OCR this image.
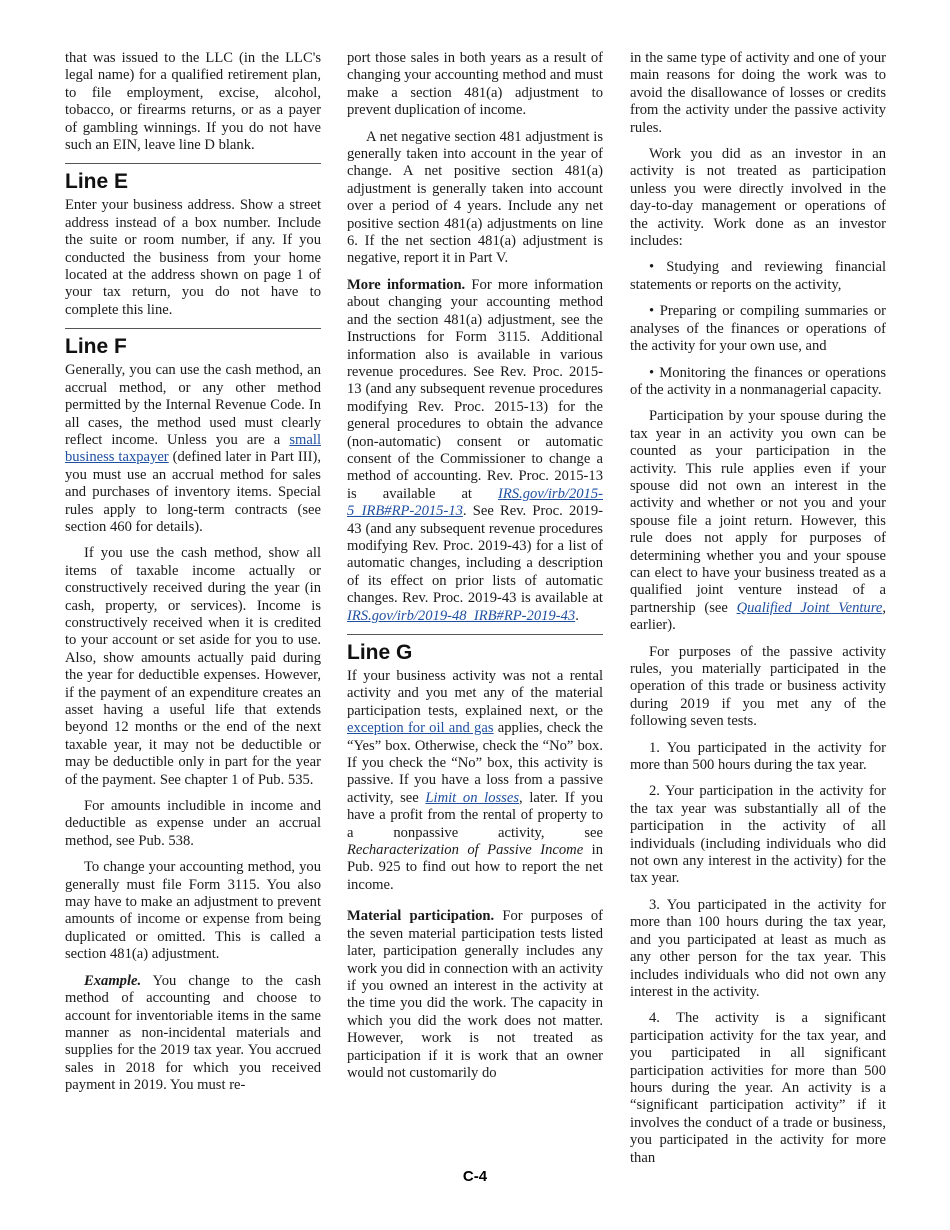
that was issued to the LLC (in the LLC's legal name) for a qualified retirement plan, to file employment, excise, alcohol, tobacco, or firearms returns, or as a payer of gambling winnings. If you do not have such an EIN, leave line D blank.

Line E

Enter your business address. Show a street address instead of a box number. Include the suite or room number, if any. If you conducted the business from your home located at the address shown on page 1 of your tax return, you do not have to complete this line.

Line F

Generally, you can use the cash method, an accrual method, or any other method permitted by the Internal Revenue Code. In all cases, the method used must clearly reflect income. Unless you are a small business taxpayer (defined later in Part III), you must use an accrual method for sales and purchases of inventory items. Special rules apply to long-term contracts (see section 460 for details).

If you use the cash method, show all items of taxable income actually or constructively received during the year (in cash, property, or services). Income is constructively received when it is credited to your account or set aside for you to use. Also, show amounts actually paid during the year for deductible expenses. However, if the payment of an expenditure creates an asset having a useful life that extends beyond 12 months or the end of the next taxable year, it may not be deductible or may be deductible only in part for the year of the payment. See chapter 1 of Pub. 535.

For amounts includible in income and deductible as expense under an accrual method, see Pub. 538.

To change your accounting method, you generally must file Form 3115. You also may have to make an adjustment to prevent amounts of income or expense from being duplicated or omitted. This is called a section 481(a) adjustment.

Example. You change to the cash method of accounting and choose to account for inventoriable items in the same manner as non-incidental materials and supplies for the 2019 tax year. You accrued sales in 2018 for which you received payment in 2019. You must re-

port those sales in both years as a result of changing your accounting method and must make a section 481(a) adjustment to prevent duplication of income.

A net negative section 481 adjustment is generally taken into account in the year of change. A net positive section 481(a) adjustment is generally taken into account over a period of 4 years. Include any net positive section 481(a) adjustments on line 6. If the net section 481(a) adjustment is negative, report it in Part V.

More information. For more information about changing your accounting method and the section 481(a) adjustment, see the Instructions for Form 3115. Additional information also is available in various revenue procedures. See Rev. Proc. 2015-13 (and any subsequent revenue procedures modifying Rev. Proc. 2015-13) for the general procedures to obtain the advance (non-automatic) consent or automatic consent of the Commissioner to change a method of accounting. Rev. Proc. 2015-13 is available at IRS.gov/irb/2015-5_IRB#RP-2015-13. See Rev. Proc. 2019-43 (and any subsequent revenue procedures modifying Rev. Proc. 2019-43) for a list of automatic changes, including a description of its effect on prior lists of automatic changes. Rev. Proc. 2019-43 is available at IRS.gov/irb/2019-48_IRB#RP-2019-43.

Line G

If your business activity was not a rental activity and you met any of the material participation tests, explained next, or the exception for oil and gas applies, check the “Yes” box. Otherwise, check the “No” box. If you check the “No” box, this activity is passive. If you have a loss from a passive activity, see Limit on losses, later. If you have a profit from the rental of property to a nonpassive activity, see Recharacterization of Passive Income in Pub. 925 to find out how to report the net income.

Material participation. For purposes of the seven material participation tests listed later, participation generally includes any work you did in connection with an activity if you owned an interest in the activity at the time you did the work. The capacity in which you did the work does not matter. However, work is not treated as participation if it is work that an owner would not customarily do

in the same type of activity and one of your main reasons for doing the work was to avoid the disallowance of losses or credits from the activity under the passive activity rules.

Work you did as an investor in an activity is not treated as participation unless you were directly involved in the day-to-day management or operations of the activity. Work done as an investor includes:

• Studying and reviewing financial statements or reports on the activity,

• Preparing or compiling summaries or analyses of the finances or operations of the activity for your own use, and

• Monitoring the finances or operations of the activity in a nonmanagerial capacity.

Participation by your spouse during the tax year in an activity you own can be counted as your participation in the activity. This rule applies even if your spouse did not own an interest in the activity and whether or not you and your spouse file a joint return. However, this rule does not apply for purposes of determining whether you and your spouse can elect to have your business treated as a qualified joint venture instead of a partnership (see Qualified Joint Venture, earlier).

For purposes of the passive activity rules, you materially participated in the operation of this trade or business activity during 2019 if you met any of the following seven tests.

1. You participated in the activity for more than 500 hours during the tax year.

2. Your participation in the activity for the tax year was substantially all of the participation in the activity of all individuals (including individuals who did not own any interest in the activity) for the tax year.

3. You participated in the activity for more than 100 hours during the tax year, and you participated at least as much as any other person for the tax year. This includes individuals who did not own any interest in the activity.

4. The activity is a significant participation activity for the tax year, and you participated in all significant participation activities for more than 500 hours during the year. An activity is a “significant participation activity” if it involves the conduct of a trade or business, you participated in the activity for more than

C-4
